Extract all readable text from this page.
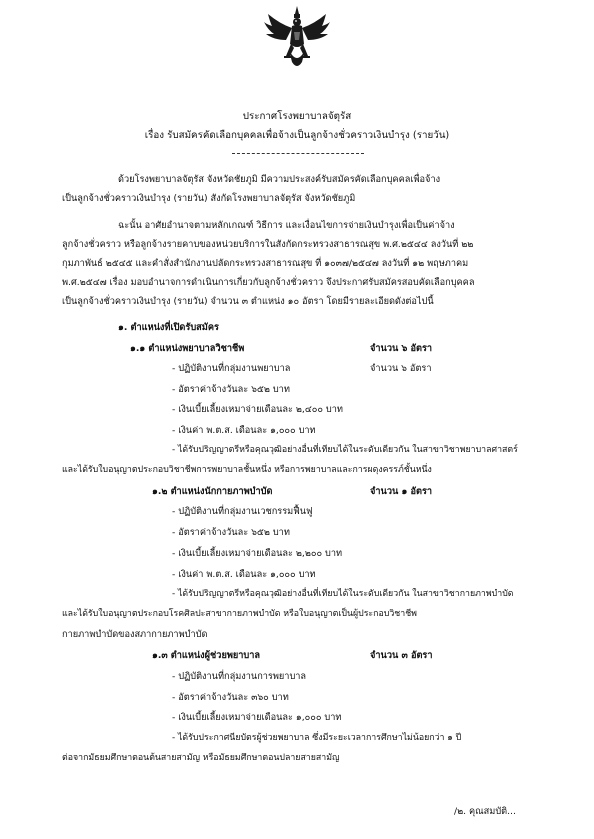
ประกาศโรงพยาบาลจัตุรัส
เรื่อง รับสมัครคัดเลือกบุคคลเพื่อจ้างเป็นลูกจ้างชั่วคราวเงินบำรุง (รายวัน)
ด้วยโรงพยาบาลจัตุรัส จังหวัดชัยภูมิ มีความประสงค์รับสมัครคัดเลือกบุคคลเพื่อจ้าง
เป็นลูกจ้างชั่วคราวเงินบำรุง (รายวัน) สังกัดโรงพยาบาลจัตุรัส จังหวัดชัยภูมิ
ฉะนั้น อาศัยอำนาจตามหลักเกณฑ์ วิธีการ และเงื่อนไขการจ่ายเงินบำรุงเพื่อเป็นค่าจ้าง
ลูกจ้างชั่วคราว หรือลูกจ้างรายคาบของหน่วยบริการในสังกัดกระทรวงสาธารณสุข พ.ศ.๒๕๔๔ ลงวันที่ ๒๒
กุมภาพันธ์ ๒๕๔๕ และคำสั่งสำนักงานปลัดกระทรวงสาธารณสุข ที่ ๑๐๓๗/๒๕๔๗ ลงวันที่ ๑๒ พฤษภาคม
พ.ศ.๒๕๔๗ เรื่อง มอบอำนาจการดำเนินการเกี่ยวกับลูกจ้างชั่วคราว จึงประกาศรับสมัครสอบคัดเลือกบุคคล
เป็นลูกจ้างชั่วคราวเงินบำรุง (รายวัน) จำนวน ๓ ตำแหน่ง ๑๐ อัตรา โดยมีรายละเอียดดังต่อไปนี้
๑. ตำแหน่งที่เปิดรับสมัคร
๑.๑ ตำแหน่งพยาบาลวิชาชีพ	จำนวน ๖ อัตรา
- ปฏิบัติงานที่กลุ่มงานพยาบาล	จำนวน ๖ อัตรา
- อัตราค่าจ้างวันละ ๖๕๒ บาท
- เงินเบี้ยเลี้ยงเหมาจ่ายเดือนละ ๒,๔๐๐ บาท
- เงินค่า พ.ต.ส. เดือนละ ๑,๐๐๐ บาท
- ได้รับปริญญาตรีหรือคุณวุฒิอย่างอื่นที่เทียบได้ในระดับเดียวกัน ในสาขาวิชาพยาบาลศาสตร์
และได้รับใบอนุญาตประกอบวิชาชีพการพยาบาลชั้นหนึ่ง หรือการพยาบาลและการผดุงครรภ์ชั้นหนึ่ง
๑.๒ ตำแหน่งนักกายภาพบำบัด	จำนวน ๑ อัตรา
- ปฏิบัติงานที่กลุ่มงานเวชกรรมฟื้นฟู
- อัตราค่าจ้างวันละ ๖๕๒ บาท
- เงินเบี้ยเลี้ยงเหมาจ่ายเดือนละ ๒,๒๐๐ บาท
- เงินค่า พ.ต.ส. เดือนละ ๑,๐๐๐ บาท
- ได้รับปริญญาตรีหรือคุณวุฒิอย่างอื่นที่เทียบได้ในระดับเดียวกัน ในสาขาวิชากายภาพบำบัด
และได้รับใบอนุญาตประกอบโรคศิลปะสาขากายภาพบำบัด หรือใบอนุญาตเป็นผู้ประกอบวิชาชีพ
กายภาพบำบัดของสภากายภาพบำบัด
๑.๓ ตำแหน่งผู้ช่วยพยาบาล	จำนวน ๓ อัตรา
- ปฏิบัติงานที่กลุ่มงานการพยาบาล
- อัตราค่าจ้างวันละ ๓๖๐ บาท
- เงินเบี้ยเลี้ยงเหมาจ่ายเดือนละ ๑,๐๐๐ บาท
- ได้รับประกาศนียบัตรผู้ช่วยพยาบาล ซึ่งมีระยะเวลาการศึกษาไม่น้อยกว่า ๑ ปี
ต่อจากมัธยมศึกษาตอนต้นสายสามัญ หรือมัธยมศึกษาตอนปลายสายสามัญ
/๒. คุณสมบัติ...
